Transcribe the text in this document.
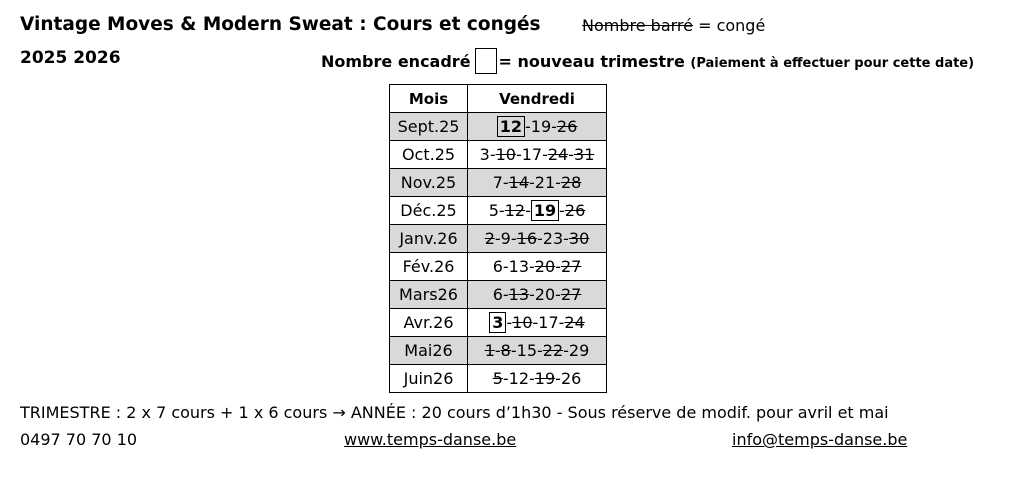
Vintage Moves & Modern Sweat : Cours et congés	Nombre barré = congé
2025 2026	Nombre encadré = nouveau trimestre (Paiement à effectuer pour cette date)
Mois	Vendredi
Sept.25	12 -19-26
Oct.25	3-10-17-24-31
Nov.25	7-14-21-28
Déc.25	5-12- 19 -26
Janv.26	2-9-16-23-30
Fév.26	6-13-20-27
Mars26	6-13-20-27
Avr.26	3 -10-17-24
Mai26	1-8-15-22-29
Juin26	5-12-19-26
TRIMESTRE : 2 x 7 cours + 1 x 6 cours → ANNÉE : 20 cours d’1h30 - Sous réserve de modif. pour avril et mai
0497 70 70 10	www.temps-danse.be	info@temps-danse.be
